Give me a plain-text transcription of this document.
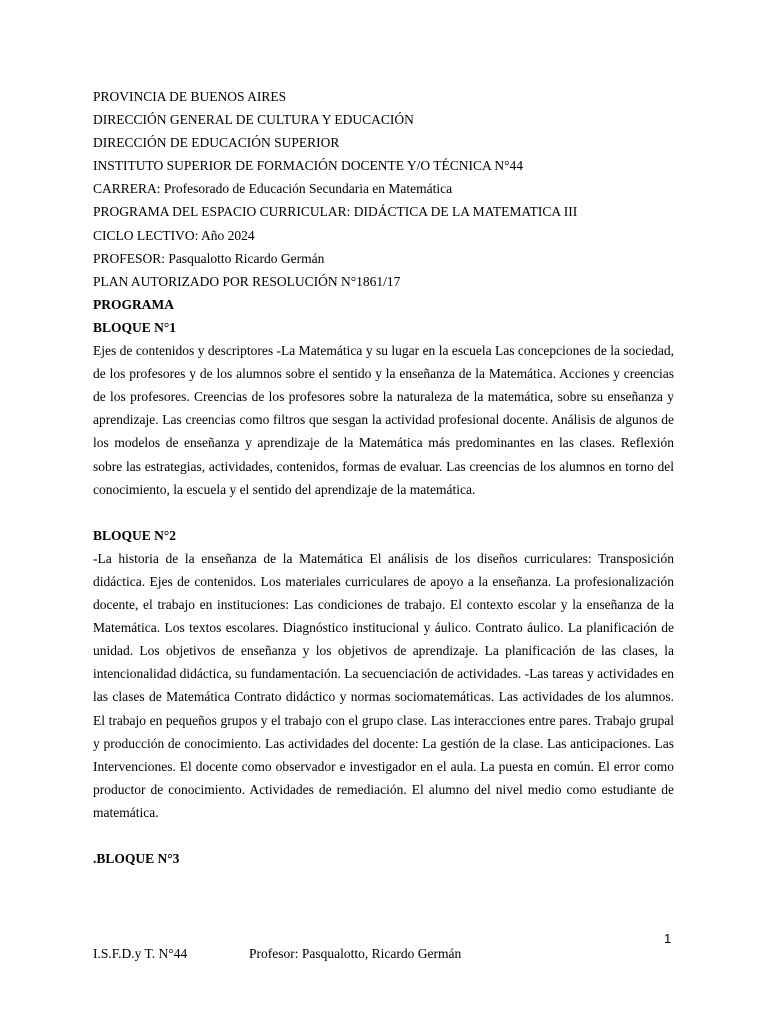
PROVINCIA DE BUENOS AIRES
DIRECCIÓN GENERAL DE CULTURA Y EDUCACIÓN
DIRECCIÓN DE EDUCACIÓN SUPERIOR
INSTITUTO SUPERIOR DE FORMACIÓN DOCENTE Y/O TÉCNICA N°44
CARRERA: Profesorado de Educación Secundaria en Matemática
PROGRAMA DEL ESPACIO CURRICULAR: DIDÁCTICA DE LA MATEMATICA III
CICLO LECTIVO: Año 2024
PROFESOR: Pasqualotto Ricardo Germán
PLAN AUTORIZADO POR RESOLUCIÓN N°1861/17
PROGRAMA
BLOQUE N°1
Ejes de contenidos y descriptores -La Matemática y su lugar en la escuela Las concepciones de la sociedad, de los profesores y de los alumnos sobre el sentido y la enseñanza de la Matemática. Acciones y creencias de los profesores. Creencias de los profesores sobre la naturaleza de la matemática, sobre su enseñanza y aprendizaje. Las creencias como filtros que sesgan la actividad profesional docente. Análisis de algunos de los modelos de enseñanza y aprendizaje de la Matemática más predominantes en las clases. Reflexión sobre las estrategias, actividades, contenidos, formas de evaluar. Las creencias de los alumnos en torno del conocimiento, la escuela y el sentido del aprendizaje de la matemática.
BLOQUE N°2
-La historia de la enseñanza de la Matemática El análisis de los diseños curriculares: Transposición didáctica. Ejes de contenidos. Los materiales curriculares de apoyo a la enseñanza. La profesionalización docente, el trabajo en instituciones: Las condiciones de trabajo. El contexto escolar y la enseñanza de la Matemática. Los textos escolares. Diagnóstico institucional y áulico. Contrato áulico. La planificación de unidad. Los objetivos de enseñanza y los objetivos de aprendizaje. La planificación de las clases, la intencionalidad didáctica, su fundamentación. La secuenciación de actividades. -Las tareas y actividades en las clases de Matemática Contrato didáctico y normas sociomatemáticas. Las actividades de los alumnos. El trabajo en pequeños grupos y el trabajo con el grupo clase. Las interacciones entre pares. Trabajo grupal y producción de conocimiento. Las actividades del docente: La gestión de la clase. Las anticipaciones. Las Intervenciones. El docente como observador e investigador en el aula. La puesta en común. El error como productor de conocimiento. Actividades de remediación. El alumno del nivel medio como estudiante de matemática.
.BLOQUE N°3
1
I.S.F.D.y T. N°44	Profesor: Pasqualotto, Ricardo Germán
